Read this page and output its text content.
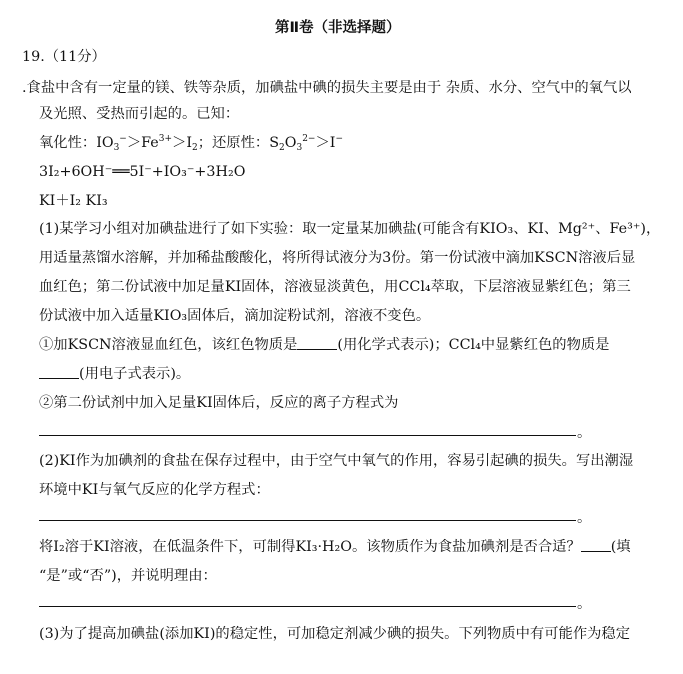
第Ⅱ卷（非选择题）
19.（11分）
.食盐中含有一定量的镁、铁等杂质，加碘盐中碘的损失主要是由于 杂质、水分、空气中的氧气以
及光照、受热而引起的。已知：
氧化性：$IO_3^->Fe^{3+}>I_2$；还原性：$S_2O_3^{2-}>I^-$
3I₂+6OH⁻══5I⁻+IO₃⁻+3H₂O
KI＋I₂ KI₃
(1)某学习小组对加碘盐进行了如下实验：取一定量某加碘盐(可能含有KIO₃、KI、Mg²⁺、Fe³⁺)，
用适量蒸馏水溶解，并加稀盐酸酸化，将所得试液分为3份。第一份试液中滴加KSCN溶液后显
血红色；第二份试液中加足量KI固体，溶液显淡黄色，用CCl₄萃取，下层溶液显紫红色；第三
份试液中加入适量KIO₃固体后，滴加淀粉试剂，溶液不变色。
①加KSCN溶液显血红色，该红色物质是	(用化学式表示)；CCl₄中显紫红色的物质是
(用电子式表示)。
②第二份试剂中加入足量KI固体后，反应的离子方程式为
。
(2)KI作为加碘剂的食盐在保存过程中，由于空气中氧气的作用，容易引起碘的损失。写出潮湿
环境中KI与氧气反应的化学方程式：
。
将I₂溶于KI溶液，在低温条件下，可制得KI₃·H₂O。该物质作为食盐加碘剂是否合适？ (填
“是”或“否”)，并说明理由：
。
(3)为了提高加碘盐(添加KI)的稳定性，可加稳定剂减少碘的损失。下列物质中有可能作为稳定
